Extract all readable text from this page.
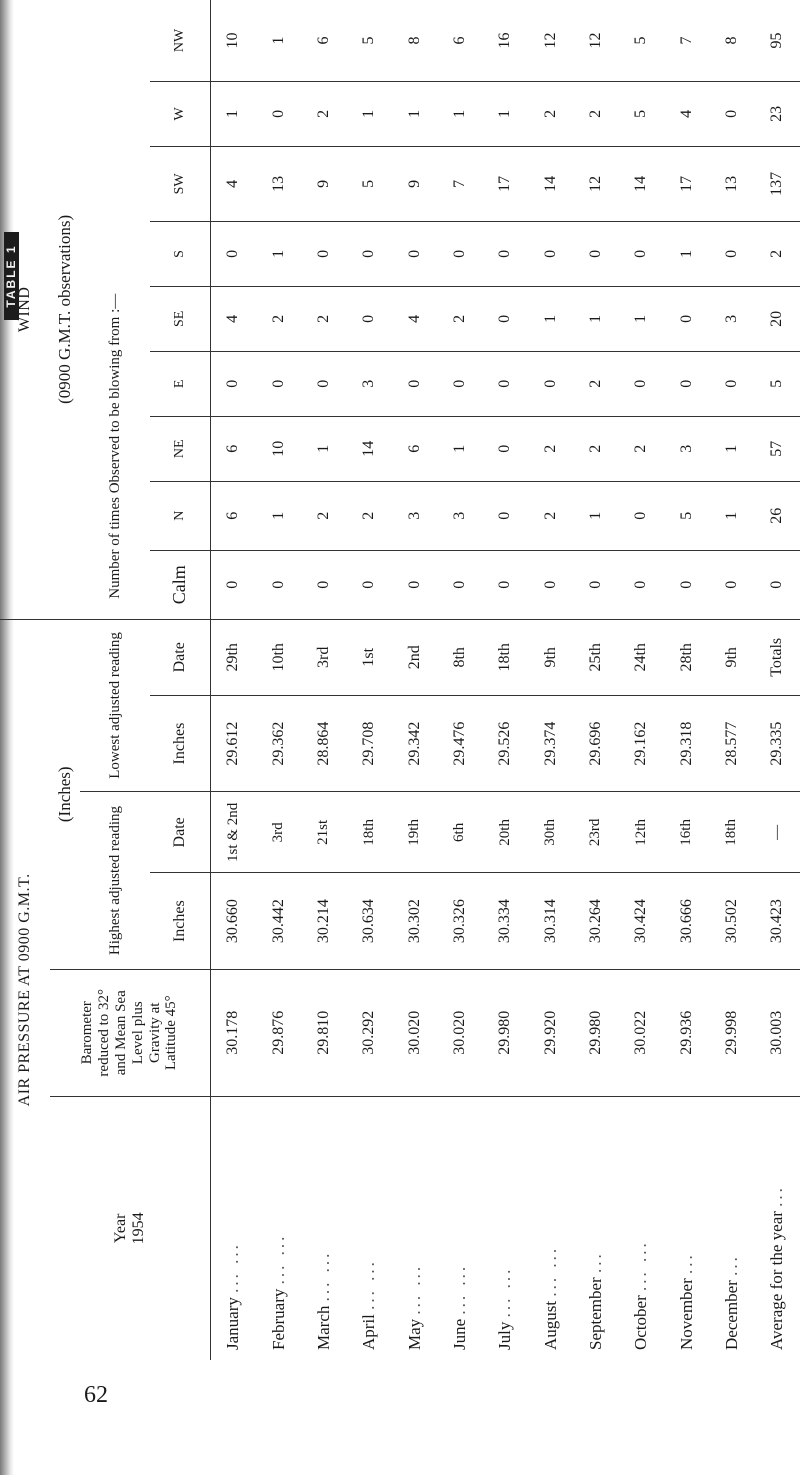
TABLE 1
AIR PRESSURE AT 0900 G.M.T.						WIND								

Year 1954	Barometer reduced to 32° and Mean Sea Level plus Gravity at Latitude 45°	(Inches)				(0900 G.M.T. observations)								
		Highest adjusted reading		Lowest adjusted reading		Number of times Observed to be blowing from :—								
		Inches	Date	Inches	Date	Calm	N	NE	E	SE	S	SW	W	NW
January ... ...	30.178	30.660	1st & 2nd	29.612	29th	0	6	6	0	4	0	4	1	10
February ... ...	29.876	30.442	3rd	29.362	10th	0	1	10	0	2	1	13	0	1
March ... ...	29.810	30.214	21st	28.864	3rd	0	2	1	0	2	0	9	2	6
April ... ...	30.292	30.634	18th	29.708	1st	0	2	14	3	0	0	5	1	5
May ... ...	30.020	30.302	19th	29.342	2nd	0	3	6	0	4	0	9	1	8
June ... ...	30.020	30.326	6th	29.476	8th	0	3	1	0	2	0	7	1	6
July ... ...	29.980	30.334	20th	29.526	18th	0	0	0	0	0	0	17	1	16
August ... ...	29.920	30.314	30th	29.374	9th	0	2	2	0	1	0	14	2	12
September ...	29.980	30.264	23rd	29.696	25th	0	1	2	2	1	0	12	2	12
October ... ...	30.022	30.424	12th	29.162	24th	0	0	2	0	1	0	14	5	5
November ...	29.936	30.666	16th	29.318	28th	0	5	3	0	0	1	17	4	7
December ...	29.998	30.502	18th	28.577	9th	0	1	1	0	3	0	13	0	8
Average for the year ...	30.003	30.423	—	29.335	Totals	0	26	57	5	20	2	137	23	95
62
